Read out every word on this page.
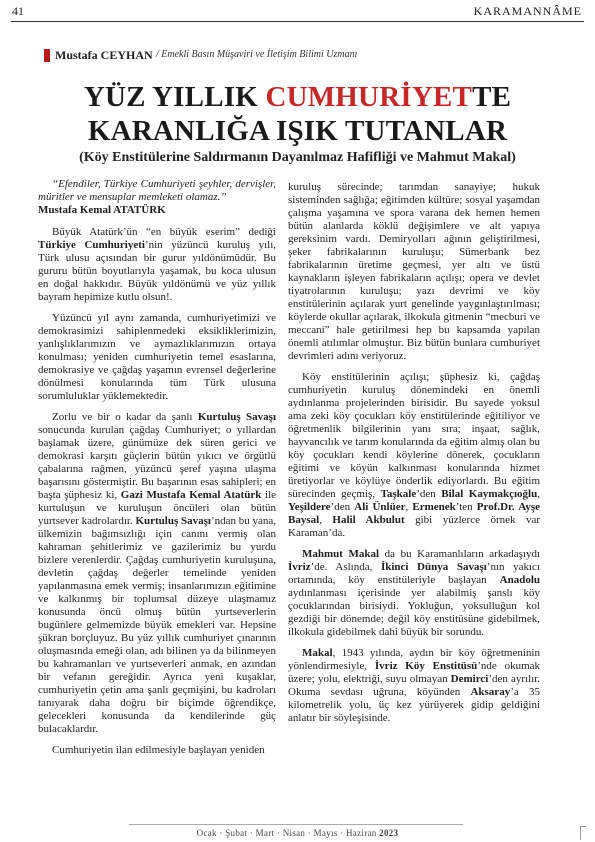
41	KARAMANNÂME
Mustafa CEYHAN / Emekli Basın Müşaviri ve İletişim Bilimi Uzmanı
YÜZ YILLIK CUMHURİYETTE
KARANLIĞA IŞIK TUTANLAR
(Köy Enstitülerine Saldırmanın Dayanılmaz Hafifliği ve Mahmut Makal)

“Efendiler, Türkiye Cumhuriyeti şeyhler, dervişler, müritler ve mensuplar memleketi olamaz.”

Mustafa Kemal ATATÜRK

Büyük Atatürk’ün “en büyük eserim” dediği Türkiye Cumhuriyeti’nin yüzüncü kuruluş yılı, Türk ulusu açısından bir gurur yıldönümüdür. Bu gururu bütün boyutlarıyla yaşamak, bu koca ulusun en doğal hakkıdır. Büyük yıldönümü ve yüz yıllık bayram hepimize kutlu olsun!.

Yüzüncü yıl aynı zamanda, cumhuriyetimizi ve demokrasimizi sahiplenmedeki eksikliklerimizin, yanlışlıklarımızın ve aymazlıklarımızın ortaya konulması; yeniden cumhuriyetin temel esaslarına, demokrasiye ve çağdaş yaşamın evrensel değerlerine dönülmesi konularında tüm Türk ulusuna sorumluluklar yüklemektedir.

Zorlu ve bir o kadar da şanlı Kurtuluş Savaşı sonucunda kurulan çağdaş Cumhuriyet; o yıllardan başlamak üzere, günümüze dek süren gerici ve demokrasi karşıtı güçlerin bütün yıkıcı ve örgütlü çabalarına rağmen, yüzüncü şeref yaşına ulaşma başarısını göstermiştir. Bu başarının esas sahipleri; en başta şüphesiz ki, Gazi Mustafa Kemal Atatürk ile kurtuluşun ve kuruluşun öncüleri olan bütün yurtsever kadrolardır. Kurtuluş Savaşı’ndan bu yana, ülkemizin bağımsızlığı için canını vermiş olan kahraman şehitlerimiz ve gazilerimiz bu yurdu bizlere verenlerdir. Çağdaş cumhuriyetin kuruluşuna, devletin çağdaş değerler temelinde yeniden yapılanmasına emek vermiş; insanlarımızın eğitimine ve kalkınmış bir toplumsal düzeye ulaşmamız konusunda öncü olmuş bütün yurtseverlerin bugünlere gelmemizde büyük emekleri var. Hepsine şükran borçluyuz. Bu yüz yıllık cumhuriyet çınarının oluşmasında emeği olan, adı bilinen ya da bilinmeyen bu kahramanları ve yurtseverleri anmak, en azından bir vefanın gereğidir. Ayrıca yeni kuşaklar, cumhuriyetin çetin ama şanlı geçmişini, bu kadroları tanıyarak daha doğru bir biçimde öğrendikçe, gelecekleri konusunda da kendilerinde güç bulacaklardır.

Cumhuriyetin ilan edilmesiyle başlayan yeniden

kuruluş sürecinde; tarımdan sanayiye; hukuk sisteminden sağlığa; eğitimden kültüre; sosyal yaşamdan çalışma yaşamına ve spora varana dek hemen hemen bütün alanlarda köklü değişimlere ve alt yapıya gereksinim vardı. Demiryolları ağının geliştirilmesi, şeker fabrikalarının kuruluşu; Sümerbank bez fabrikalarının üretime geçmesi, yer altı ve üstü kaynakların işleyen fabrikaların açılışı; opera ve devlet tiyatrolarının kuruluşu; yazı devrimi ve köy enstitülerinin açılarak yurt genelinde yaygınlaştırılması; köylerde okullar açılarak, ilkokula gitmenin “mecburi ve meccani” hale getirilmesi hep bu kapsamda yapılan önemli atılımlar olmuştur. Biz bütün bunlara cumhuriyet devrimleri adını veriyoruz.

Köy enstitülerinin açılışı; şüphesiz ki, çağdaş cumhuriyetin kuruluş dönemindeki en önemli aydınlanma projelerinden birisidir. Bu sayede yoksul ama zeki köy çocukları köy enstitülerinde eğitiliyor ve öğretmenlik bilgilerinin yanı sıra; inşaat, sağlık, hayvancılık ve tarım konularında da eğitim almış olan bu köy çocukları kendi köylerine dönerek, çocukların eğitimi ve köyün kalkınması konularında hizmet üretiyorlar ve köylüye önderlik ediyorlardı. Bu eğitim sürecinden geçmiş, Taşkale’den Bilal Kaymakçıoğlu, Yeşildere’den Ali Ünlüer, Ermenek’ten Prof.Dr. Ayşe Baysal, Halil Akbulut gibi yüzlerce örnek var Karaman’da.

Mahmut Makal da bu Karamanlıların arkadaşıydı İvriz’de. Aslında, İkinci Dünya Savaşı’nın yakıcı ortamında, köy enstitüleriyle başlayan Anadolu aydınlanması içerisinde yer alabilmiş şanslı köy çocuklarından birisiydi. Yokluğun, yoksulluğun kol gezdiği bir dönemde; değil köy enstitüsüne gidebilmek, ilkokula gidebilmek dahi büyük bir sorundu.

Makal, 1943 yılında, aydın bir köy öğretmeninin yönlendirmesiyle, İvriz Köy Enstitüsü’nde okumak üzere; yolu, elektriği, suyu olmayan Demirci’den ayrılır. Okuma sevdası uğruna, köyünden Aksaray’a 35 kilometrelik yolu, üç kez yürüyerek gidip geldiğini anlatır bir söyleşisinde.

Ocak · Şubat · Mart · Nisan · Mayıs · Haziran 2023
